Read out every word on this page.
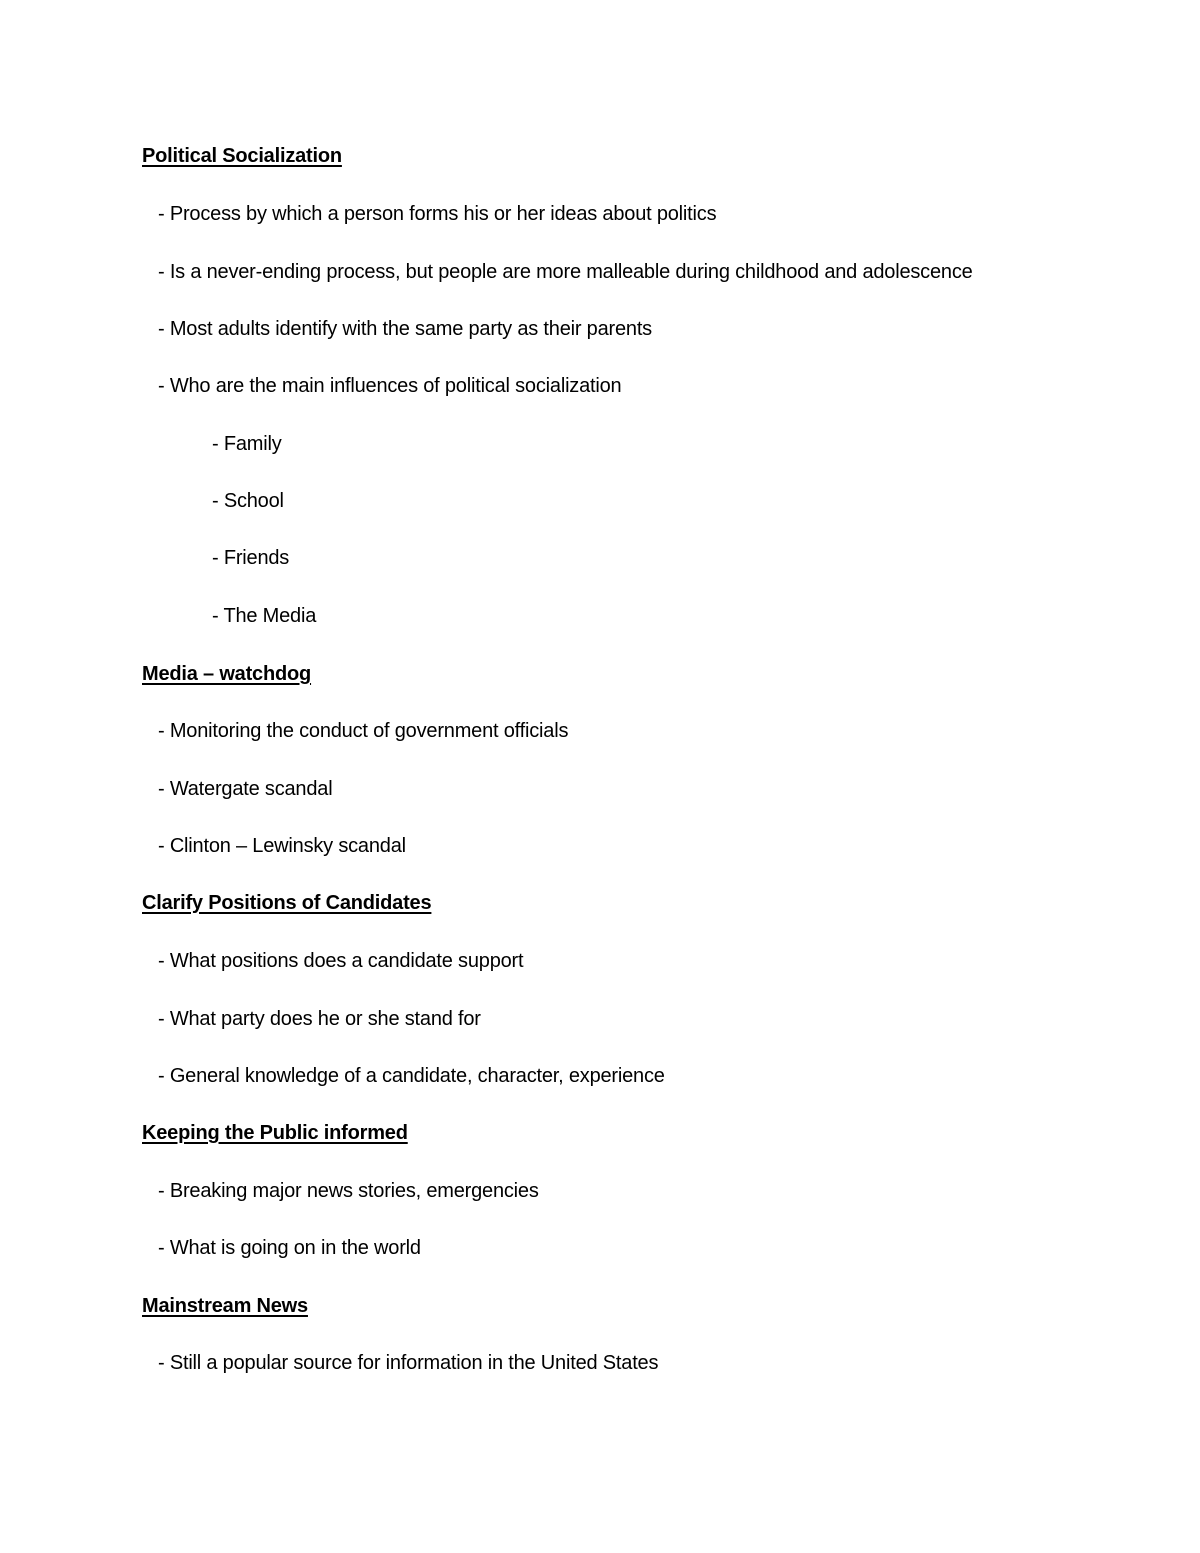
Political Socialization
- Process by which a person forms his or her ideas about politics
- Is a never-ending process, but people are more malleable during childhood and adolescence
- Most adults identify with the same party as their parents
- Who are the main influences of political socialization
- Family
- School
- Friends
- The Media
Media – watchdog
- Monitoring the conduct of government officials
- Watergate scandal
- Clinton – Lewinsky scandal
Clarify Positions of Candidates
- What positions does a candidate support
- What party does he or she stand for
- General knowledge of a candidate, character, experience
Keeping the Public informed
- Breaking major news stories, emergencies
- What is going on in the world
Mainstream News
- Still a popular source for information in the United States
